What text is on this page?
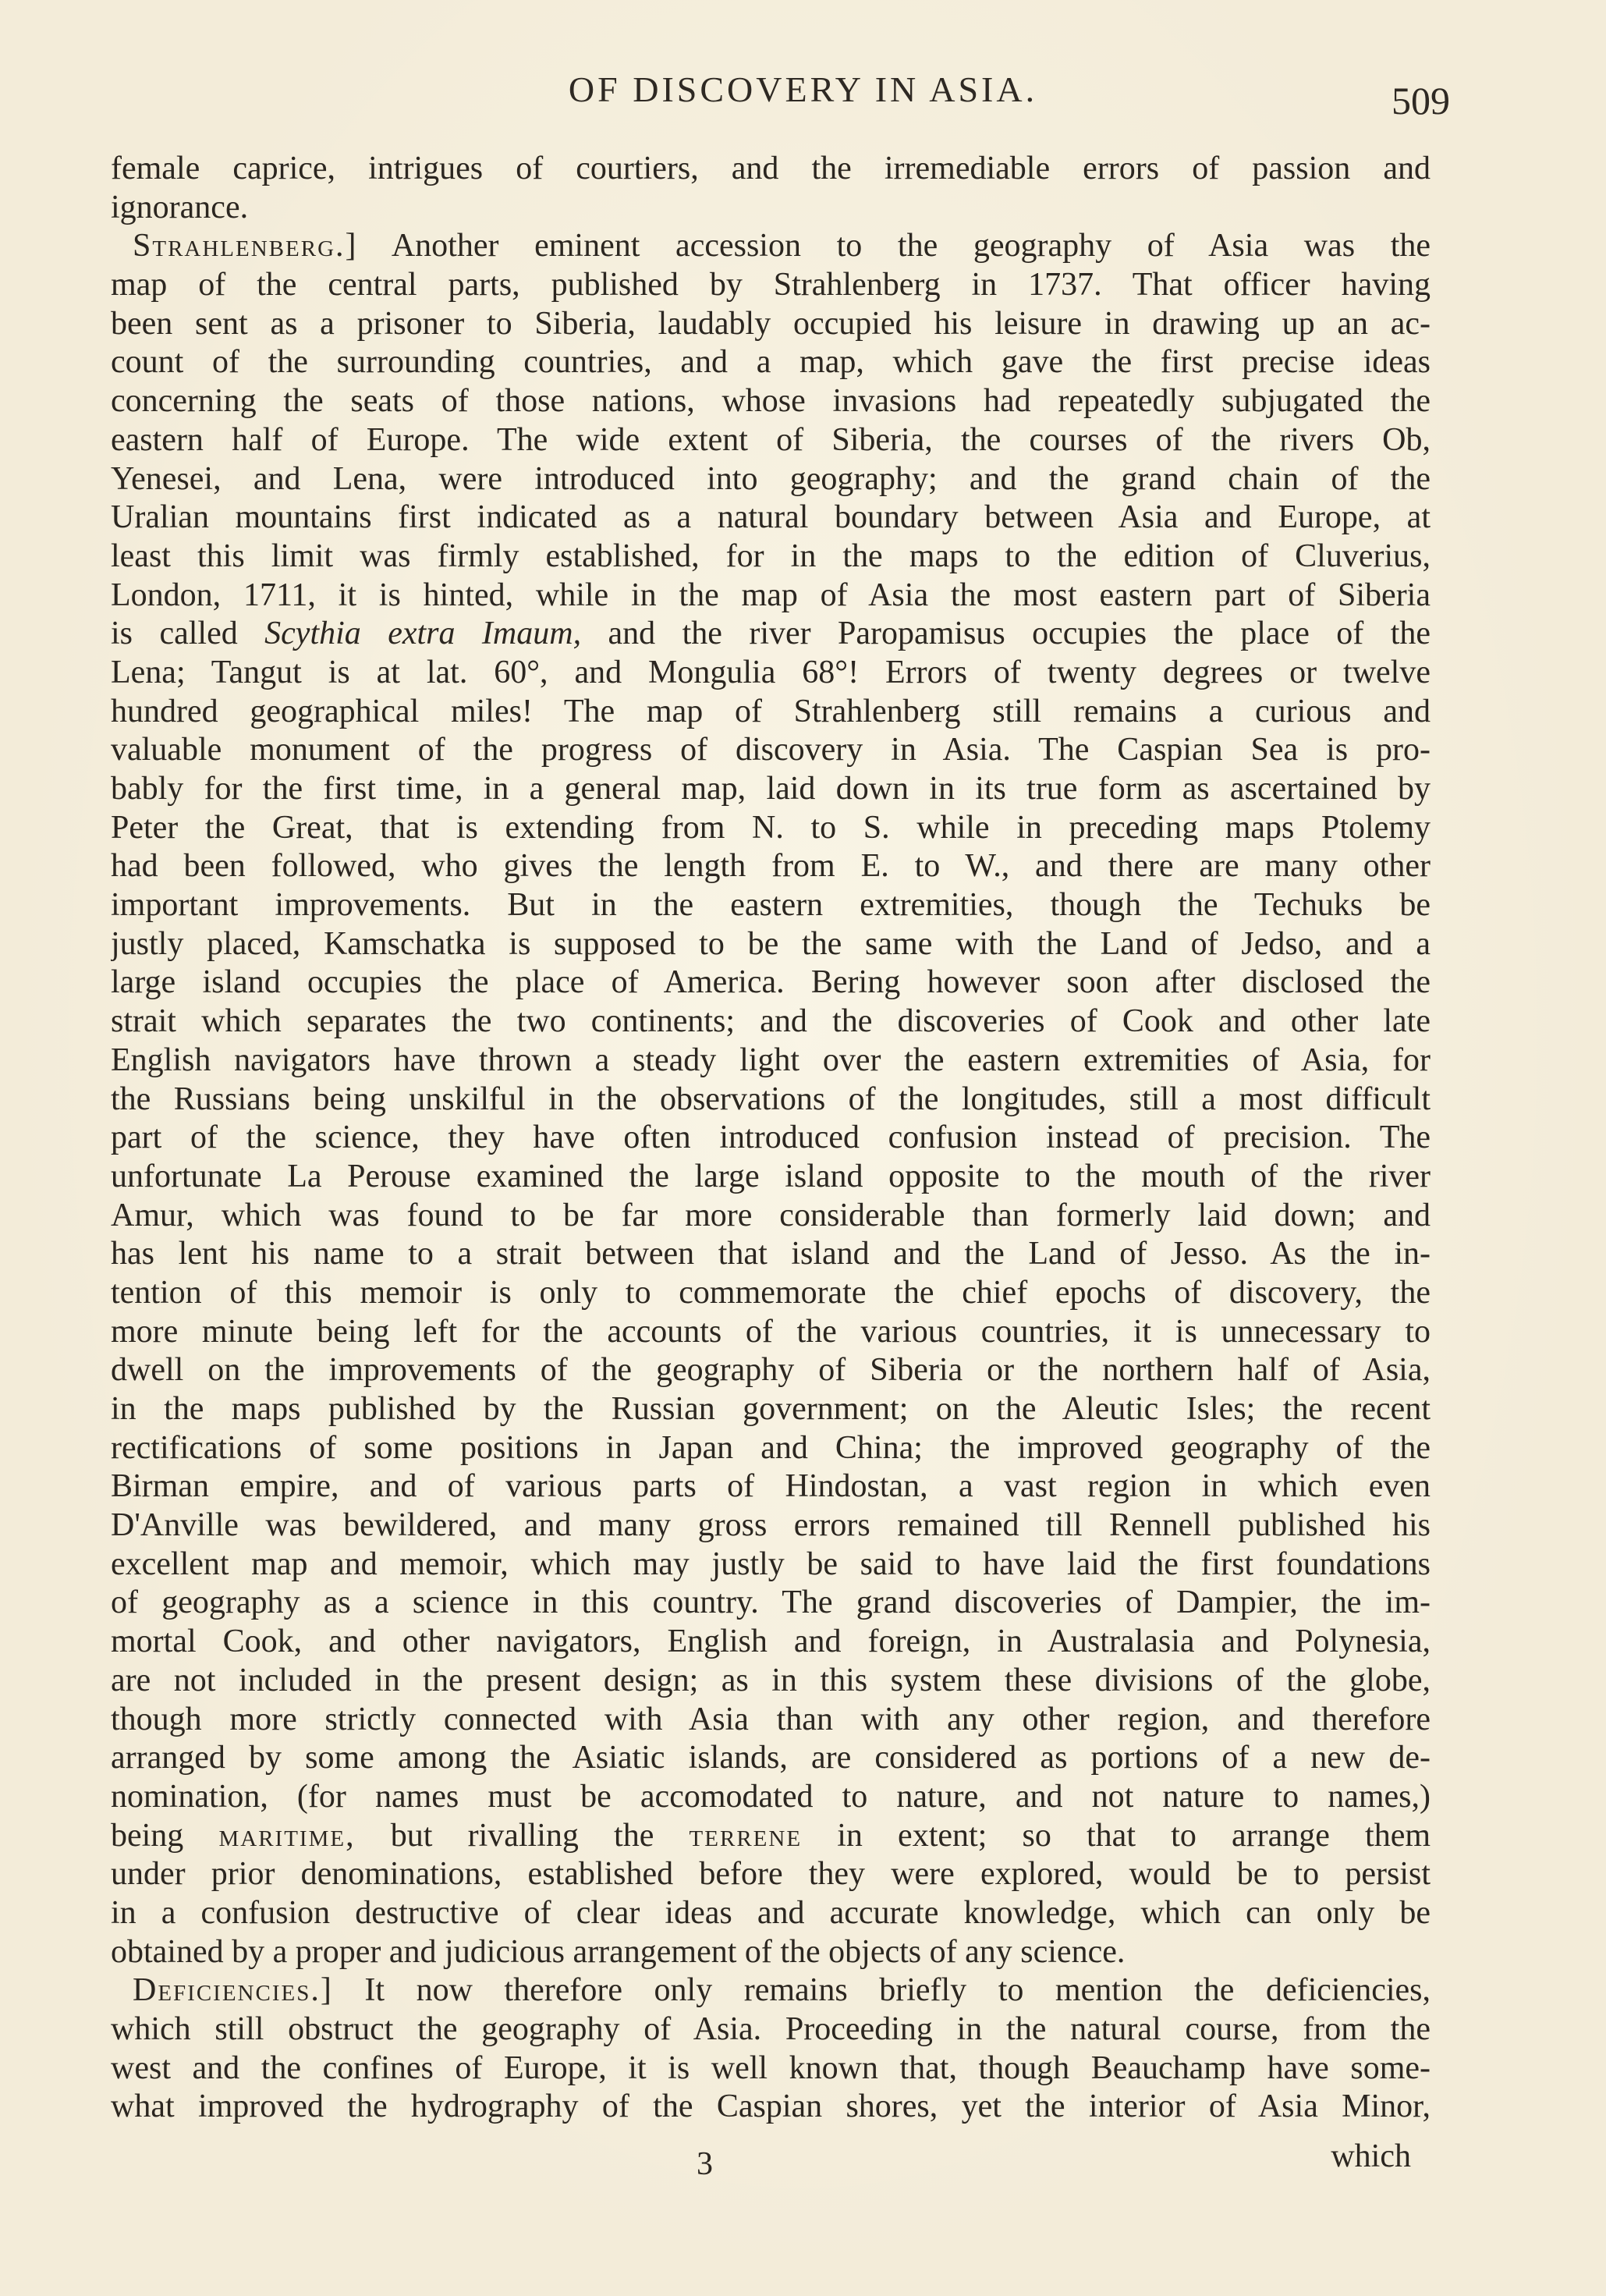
OF DISCOVERY IN ASIA.	509
female caprice, intrigues of courtiers, and the irremediable errors of passion and
ignorance.
Strahlenberg.] Another eminent accession to the geography of Asia was the
map of the central parts, published by Strahlenberg in 1737. That officer having
been sent as a prisoner to Siberia, laudably occupied his leisure in drawing up an ac-
count of the surrounding countries, and a map, which gave the first precise ideas
concerning the seats of those nations, whose invasions had repeatedly subjugated the
eastern half of Europe. The wide extent of Siberia, the courses of the rivers Ob,
Yenesei, and Lena, were introduced into geography; and the grand chain of the
Uralian mountains first indicated as a natural boundary between Asia and Europe, at
least this limit was firmly established, for in the maps to the edition of Cluverius,
London, 1711, it is hinted, while in the map of Asia the most eastern part of Siberia
is called Scythia extra Imaum, and the river Paropamisus occupies the place of the
Lena; Tangut is at lat. 60°, and Mongulia 68°! Errors of twenty degrees or twelve
hundred geographical miles! The map of Strahlenberg still remains a curious and
valuable monument of the progress of discovery in Asia. The Caspian Sea is pro-
bably for the first time, in a general map, laid down in its true form as ascertained by
Peter the Great, that is extending from N. to S. while in preceding maps Ptolemy
had been followed, who gives the length from E. to W., and there are many other
important improvements. But in the eastern extremities, though the Techuks be
justly placed, Kamschatka is supposed to be the same with the Land of Jedso, and a
large island occupies the place of America. Bering however soon after disclosed the
strait which separates the two continents; and the discoveries of Cook and other late
English navigators have thrown a steady light over the eastern extremities of Asia, for
the Russians being unskilful in the observations of the longitudes, still a most difficult
part of the science, they have often introduced confusion instead of precision. The
unfortunate La Perouse examined the large island opposite to the mouth of the river
Amur, which was found to be far more considerable than formerly laid down; and
has lent his name to a strait between that island and the Land of Jesso. As the in-
tention of this memoir is only to commemorate the chief epochs of discovery, the
more minute being left for the accounts of the various countries, it is unnecessary to
dwell on the improvements of the geography of Siberia or the northern half of Asia,
in the maps published by the Russian government; on the Aleutic Isles; the recent
rectifications of some positions in Japan and China; the improved geography of the
Birman empire, and of various parts of Hindostan, a vast region in which even
D'Anville was bewildered, and many gross errors remained till Rennell published his
excellent map and memoir, which may justly be said to have laid the first foundations
of geography as a science in this country. The grand discoveries of Dampier, the im-
mortal Cook, and other navigators, English and foreign, in Australasia and Polynesia,
are not included in the present design; as in this system these divisions of the globe,
though more strictly connected with Asia than with any other region, and therefore
arranged by some among the Asiatic islands, are considered as portions of a new de-
nomination, (for names must be accomodated to nature, and not nature to names,)
being maritime, but rivalling the terrene in extent; so that to arrange them
under prior denominations, established before they were explored, would be to persist
in a confusion destructive of clear ideas and accurate knowledge, which can only be
obtained by a proper and judicious arrangement of the objects of any science.
Deficiencies.] It now therefore only remains briefly to mention the deficiencies,
which still obstruct the geography of Asia. Proceeding in the natural course, from the
west and the confines of Europe, it is well known that, though Beauchamp have some-
what improved the hydrography of the Caspian shores, yet the interior of Asia Minor,
3	which
